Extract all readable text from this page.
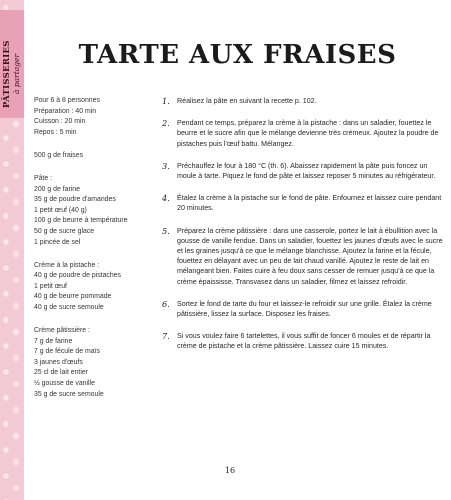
PÂTISSERIES
à partager	TARTE AUX FRAISES
Pour 6 à 8 personnes
Préparation : 40 min
Cuisson : 20 min
Repos : 5 min
500 g de fraises
Pâte :
200 g de farine
35 g de poudre d'amandes
1 petit œuf (40 g)
100 g de beurre à température
50 g de sucre glace
1 pincée de sel
Crème à la pistache :
40 g de poudre de pistaches
1 petit œuf
40 g de beurre pommade
40 g de sucre semoule
Crème pâtissière :
7 g de farine
7 g de fécule de maïs
3 jaunes d'œufs
25 cl de lait entier
½ gousse de vanille
35 g de sucre semoule
1. Réalisez la pâte en suivant la recette p. 102.
2. Pendant ce temps, préparez la crème à la pistache : dans un saladier, fouettez le beurre et le sucre afin que le mélange devienne très crémeux. Ajoutez la poudre de pistaches puis l'œuf battu. Mélangez.
3. Préchauffez le four à 180 °C (th. 6). Abaissez rapidement la pâte puis foncez un moule à tarte. Piquez le fond de pâte et laissez reposer 5 minutes au réfrigérateur.
4. Étalez la crème à la pistache sur le fond de pâte. Enfournez et laissez cuire pendant 20 minutes.
5. Préparez la crème pâtissière : dans une casserole, portez le lait à ébullition avec la gousse de vanille fendue. Dans un saladier, fouettez les jaunes d'œufs avec le sucre et les graines jusqu'à ce que le mélange blanchisse. Ajoutez la farine et la fécule, fouettez en délayant avec un peu de lait chaud vanillé. Ajoutez le reste de lait en mélangeant bien. Faites cuire à feu doux sans cesser de remuer jusqu'à ce que la crème épaississe. Transvasez dans un saladier, filmez et laissez refroidir.
6. Sortez le fond de tarte du four et laissez-le refroidir sur une grille. Étalez la crème pâtissière, lissez la surface. Disposez les fraises.
7. Si vous voulez faire 6 tartelettes, il vous suffit de foncer 6 moules et de répartir la crème de pistache et la crème pâtissière. Laissez cuire 15 minutes.
16
